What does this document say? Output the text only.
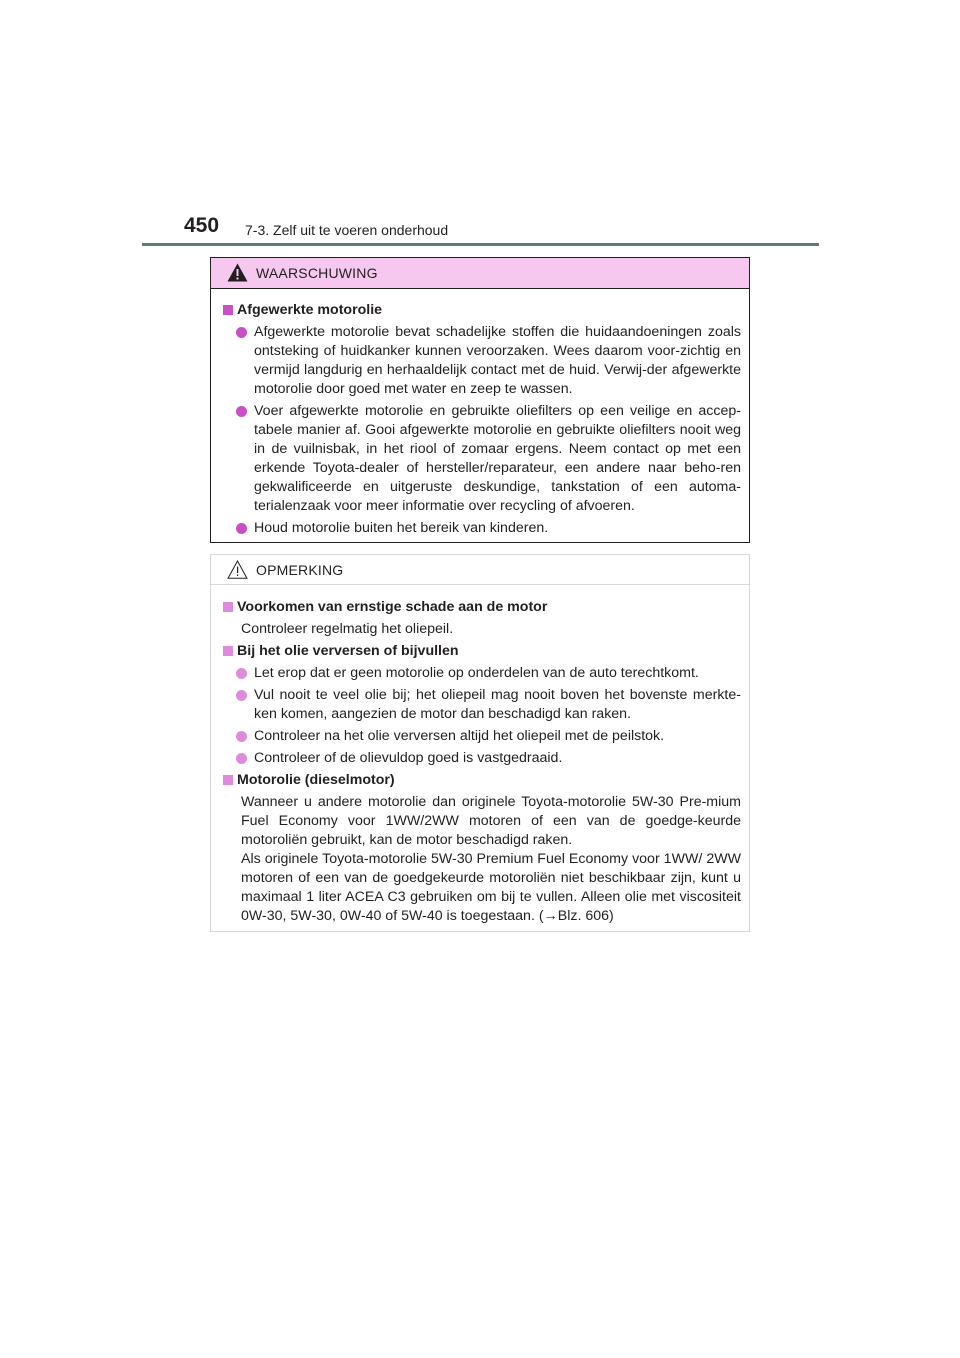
450 7-3. Zelf uit te voeren onderhoud
WAARSCHUWING
Afgewerkte motorolie
Afgewerkte motorolie bevat schadelijke stoffen die huidaandoeningen zoals ontsteking of huidkanker kunnen veroorzaken. Wees daarom voor-zichtig en vermijd langdurig en herhaaldelijk contact met de huid. Verwij-der afgewerkte motorolie door goed met water en zeep te wassen.
Voer afgewerkte motorolie en gebruikte oliefilters op een veilige en accep-tabele manier af. Gooi afgewerkte motorolie en gebruikte oliefilters nooit weg in de vuilnisbak, in het riool of zomaar ergens. Neem contact op met een erkende Toyota-dealer of hersteller/reparateur, een andere naar beho-ren gekwalificeerde en uitgeruste deskundige, tankstation of een automa-terialenzaak voor meer informatie over recycling of afvoeren.
Houd motorolie buiten het bereik van kinderen.
OPMERKING
Voorkomen van ernstige schade aan de motor
Controleer regelmatig het oliepeil.
Bij het olie verversen of bijvullen
Let erop dat er geen motorolie op onderdelen van de auto terechtkomt.
Vul nooit te veel olie bij; het oliepeil mag nooit boven het bovenste merkte-ken komen, aangezien de motor dan beschadigd kan raken.
Controleer na het olie verversen altijd het oliepeil met de peilstok.
Controleer of de olievuldop goed is vastgedraaid.
Motorolie (dieselmotor)
Wanneer u andere motorolie dan originele Toyota-motorolie 5W-30 Pre-mium Fuel Economy voor 1WW/2WW motoren of een van de goedge-keurde motoroliën gebruikt, kan de motor beschadigd raken.
Als originele Toyota-motorolie 5W-30 Premium Fuel Economy voor 1WW/ 2WW motoren of een van de goedgekeurde motoroliën niet beschikbaar zijn, kunt u maximaal 1 liter ACEA C3 gebruiken om bij te vullen. Alleen olie met viscositeit 0W-30, 5W-30, 0W-40 of 5W-40 is toegestaan. (→Blz. 606)
